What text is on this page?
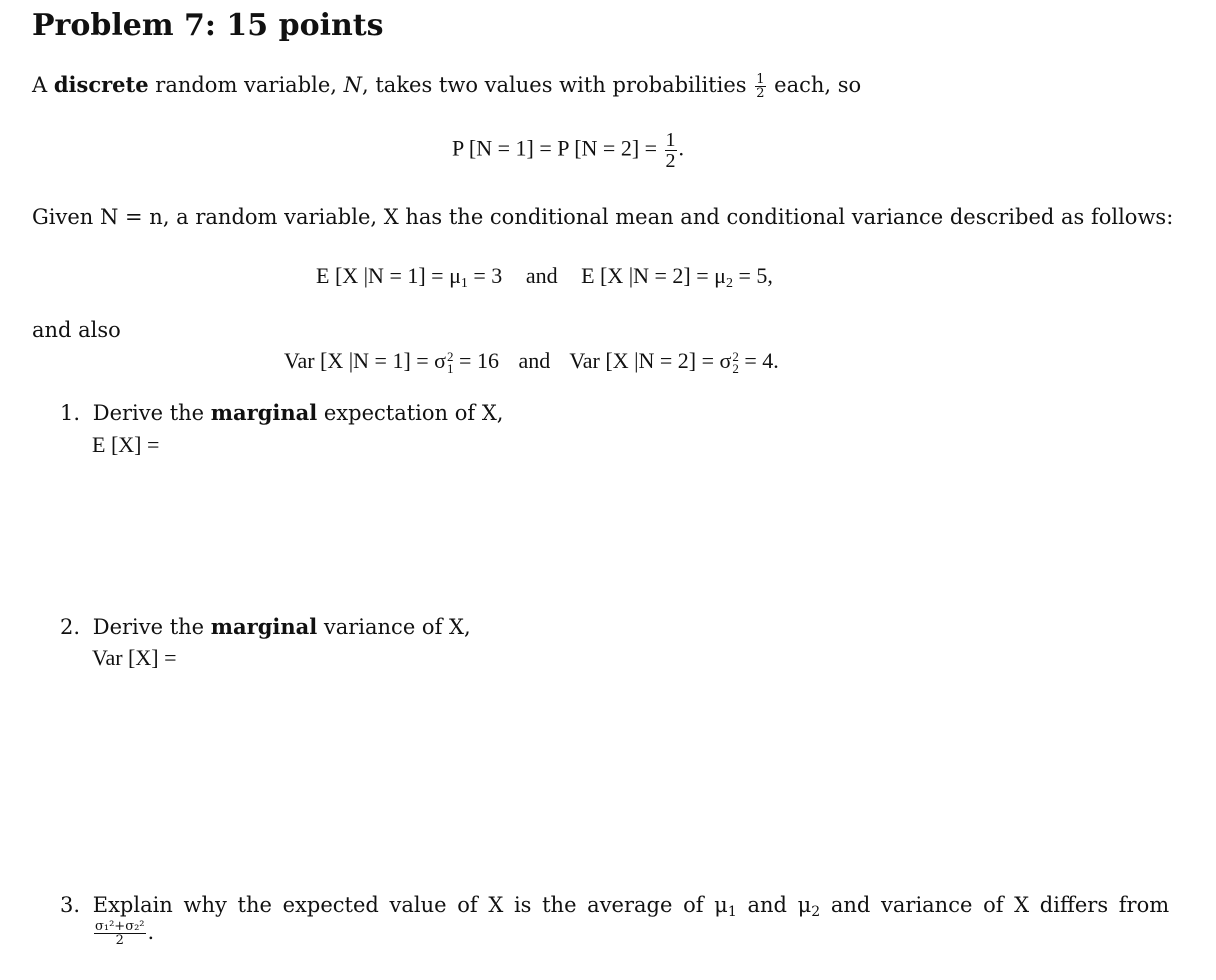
Problem 7: 15 points
A discrete random variable, N, takes two values with probabilities $\frac{1}{2}$ each, so
P [N = 1] = P $[N = 2] = \frac{1}{2}$ .
Given N = n, a random variable, X has the conditional mean and conditional variance described as follows:
E [X $|N = 1] = \mu_1 = 3$ and E [X $|N = 2] = \mu_2 = 5$,
and also
Var [X |N = 1] = σ 2
1 = 16 and Var [X |N = 2] = σ 2
2 = 4.
1. Derive the marginal expectation of X,
E [X] =
2. Derive the marginal variance of X,
Var [X] =
3. Explain why the expected value of X is the average of $\mu_1$ and $\mu_2$ and variance of X differs from
$\frac{\text{σ₁²+σ₂²}}{2}$ .
